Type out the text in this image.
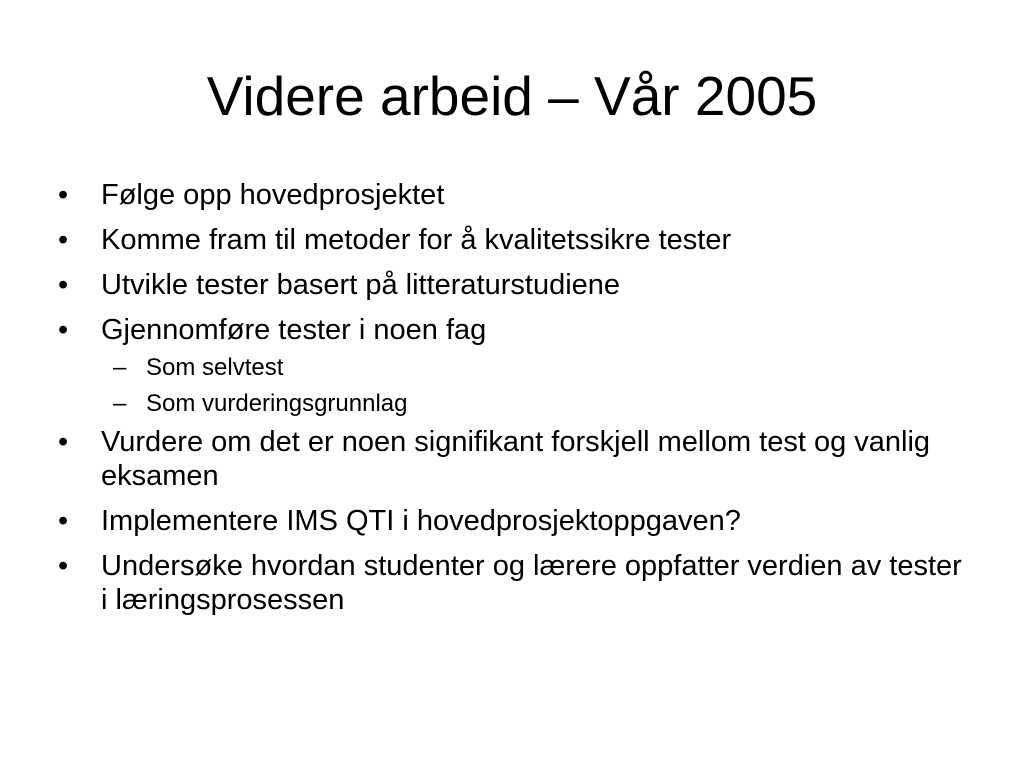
Videre arbeid – Vår 2005
• Følge opp hovedprosjektet
• Komme fram til metoder for å kvalitetssikre tester
• Utvikle tester basert på litteraturstudiene
• Gjennomføre tester i noen fag
– Som selvtest
– Som vurderingsgrunnlag
• Vurdere om det er noen signifikant forskjell mellom test og vanlig eksamen
• Implementere IMS QTI i hovedprosjektoppgaven?
• Undersøke hvordan studenter og lærere oppfatter verdien av tester i læringsprosessen
